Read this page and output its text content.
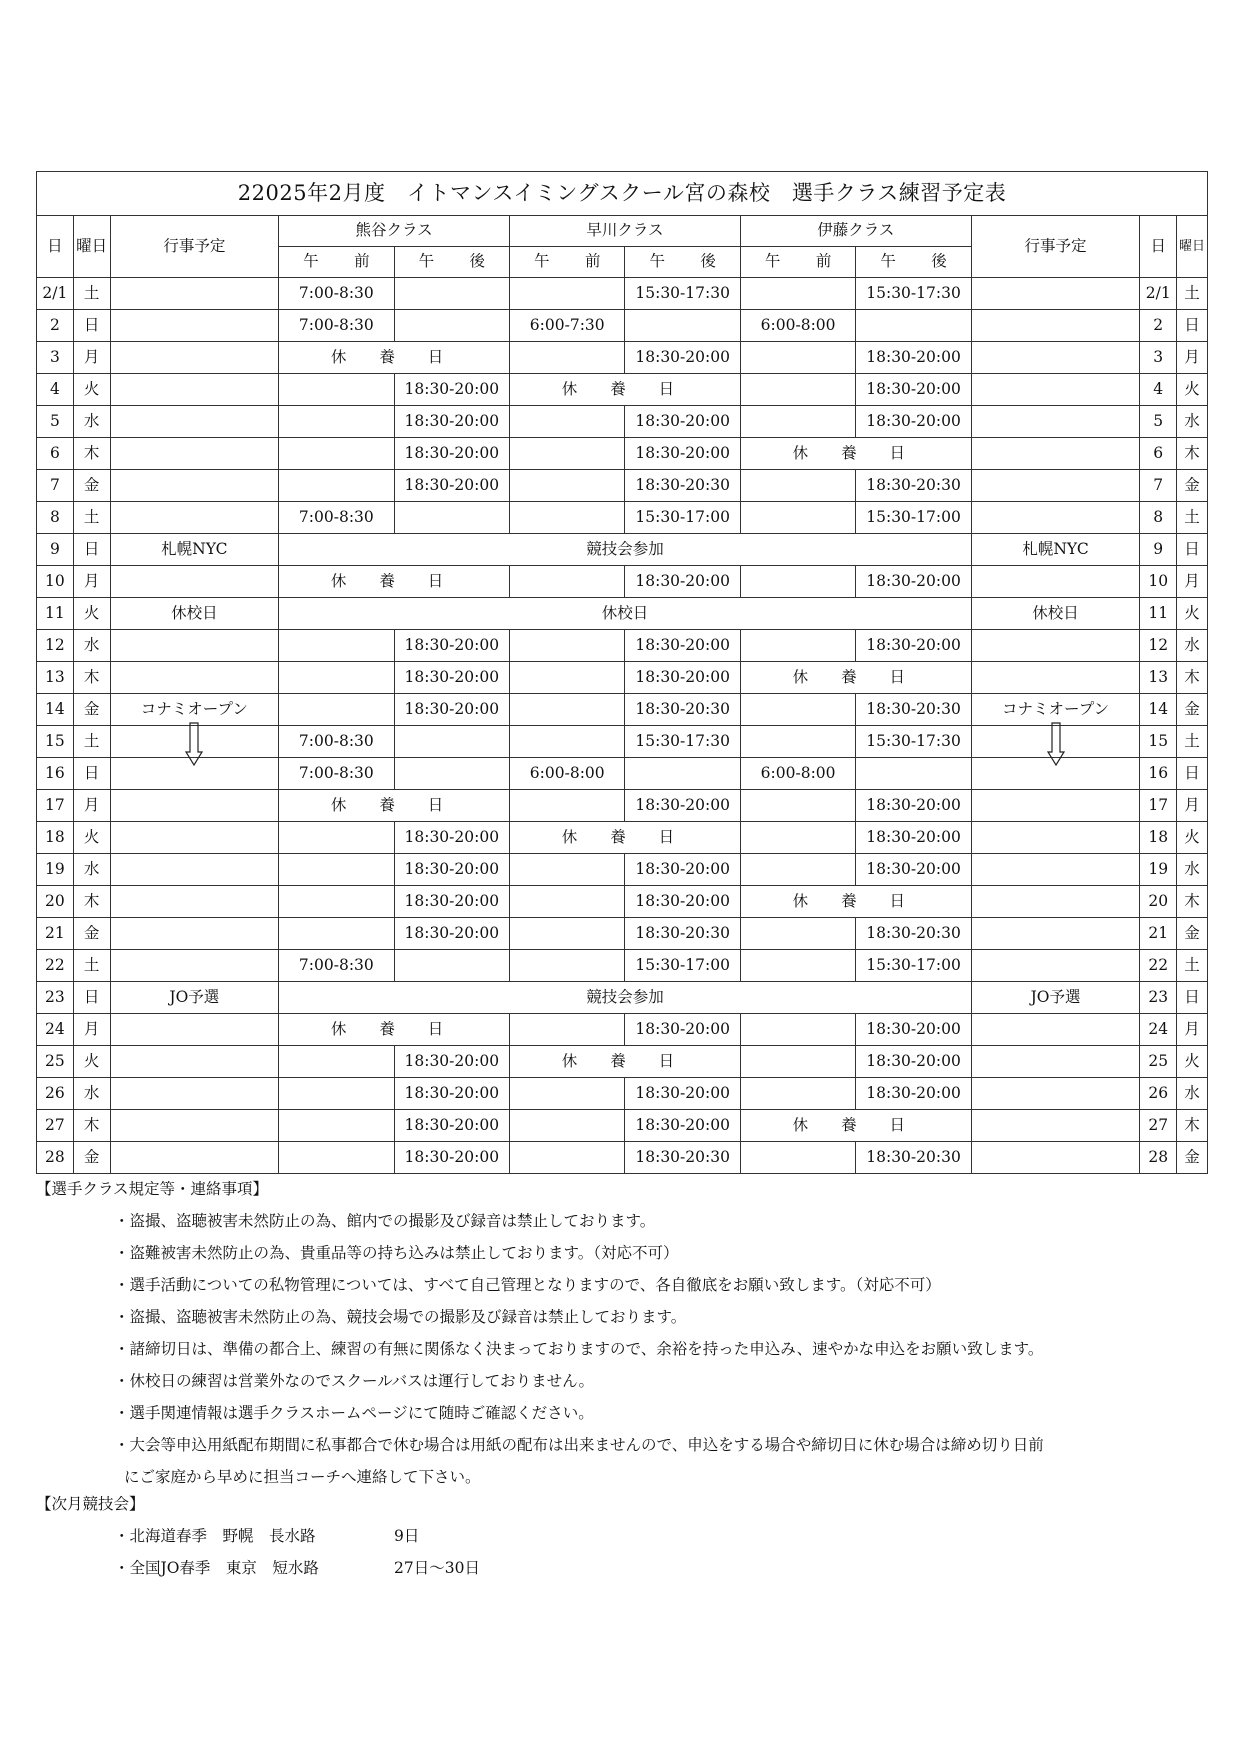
22025年2月度　イトマンスイミングスクール宮の森校　選手クラス練習予定表											
日	曜日	行事予定	熊谷クラス		早川クラス		伊藤クラス		行事予定	日	曜日
			午　前	午　後	午　前	午　後	午　前	午　後			
2/1	土		7:00-8:30			15:30-17:30		15:30-17:30		2/1	土
2	日		7:00-8:30		6:00-7:30		6:00-8:00			2	日
3	月		休 養 日			18:30-20:00		18:30-20:00		3	月
4	火			18:30-20:00	休 養 日			18:30-20:00		4	火
5	水			18:30-20:00		18:30-20:00		18:30-20:00		5	水
6	木			18:30-20:00		18:30-20:00	休 養 日			6	木
7	金			18:30-20:00		18:30-20:30		18:30-20:30		7	金
8	土		7:00-8:30			15:30-17:00		15:30-17:00		8	土
9	日	札幌NYC	競技会参加						札幌NYC	9	日
10	月		休 養 日			18:30-20:00		18:30-20:00		10	月
11	火	休校日	休校日						休校日	11	火
12	水			18:30-20:00		18:30-20:00		18:30-20:00		12	水
13	木			18:30-20:00		18:30-20:00	休 養 日			13	木
14	金	コナミオープン		18:30-20:00		18:30-20:30		18:30-20:30	コナミオープン	14	金
15	土		7:00-8:30			15:30-17:30		15:30-17:30		15	土
16	日		7:00-8:30		6:00-8:00		6:00-8:00			16	日
17	月		休 養 日			18:30-20:00		18:30-20:00		17	月
18	火			18:30-20:00	休 養 日			18:30-20:00		18	火
19	水			18:30-20:00		18:30-20:00		18:30-20:00		19	水
20	木			18:30-20:00		18:30-20:00	休 養 日			20	木
21	金			18:30-20:00		18:30-20:30		18:30-20:30		21	金
22	土		7:00-8:30			15:30-17:00		15:30-17:00		22	土
23	日	JO予選	競技会参加						JO予選	23	日
24	月		休 養 日			18:30-20:00		18:30-20:00		24	月
25	火			18:30-20:00	休 養 日			18:30-20:00		25	火
26	水			18:30-20:00		18:30-20:00		18:30-20:00		26	水
27	木			18:30-20:00		18:30-20:00	休 養 日			27	木
28	金			18:30-20:00		18:30-20:30		18:30-20:30		28	金

【選手クラス規定等・連絡事項】

・盗撮、盗聴被害未然防止の為、館内での撮影及び録音は禁止しております。

・盗難被害未然防止の為、貴重品等の持ち込みは禁止しております。（対応不可）

・選手活動についての私物管理については、すべて自己管理となりますので、各自徹底をお願い致します。（対応不可）

・盗撮、盗聴被害未然防止の為、競技会場での撮影及び録音は禁止しております。

・諸締切日は、準備の都合上、練習の有無に関係なく決まっておりますので、余裕を持った申込み、速やかな申込をお願い致します。

・休校日の練習は営業外なのでスクールバスは運行しておりません。

・選手関連情報は選手クラスホームページにて随時ご確認ください。

・大会等申込用紙配布期間に私事都合で休む場合は用紙の配布は出来ませんので、申込をする場合や締切日に休む場合は締め切り日前

にご家庭から早めに担当コーチへ連絡して下さい。

【次月競技会】

・北海道春季　野幌　長水路	9日
・全国JO春季　東京　短水路	27日～30日
